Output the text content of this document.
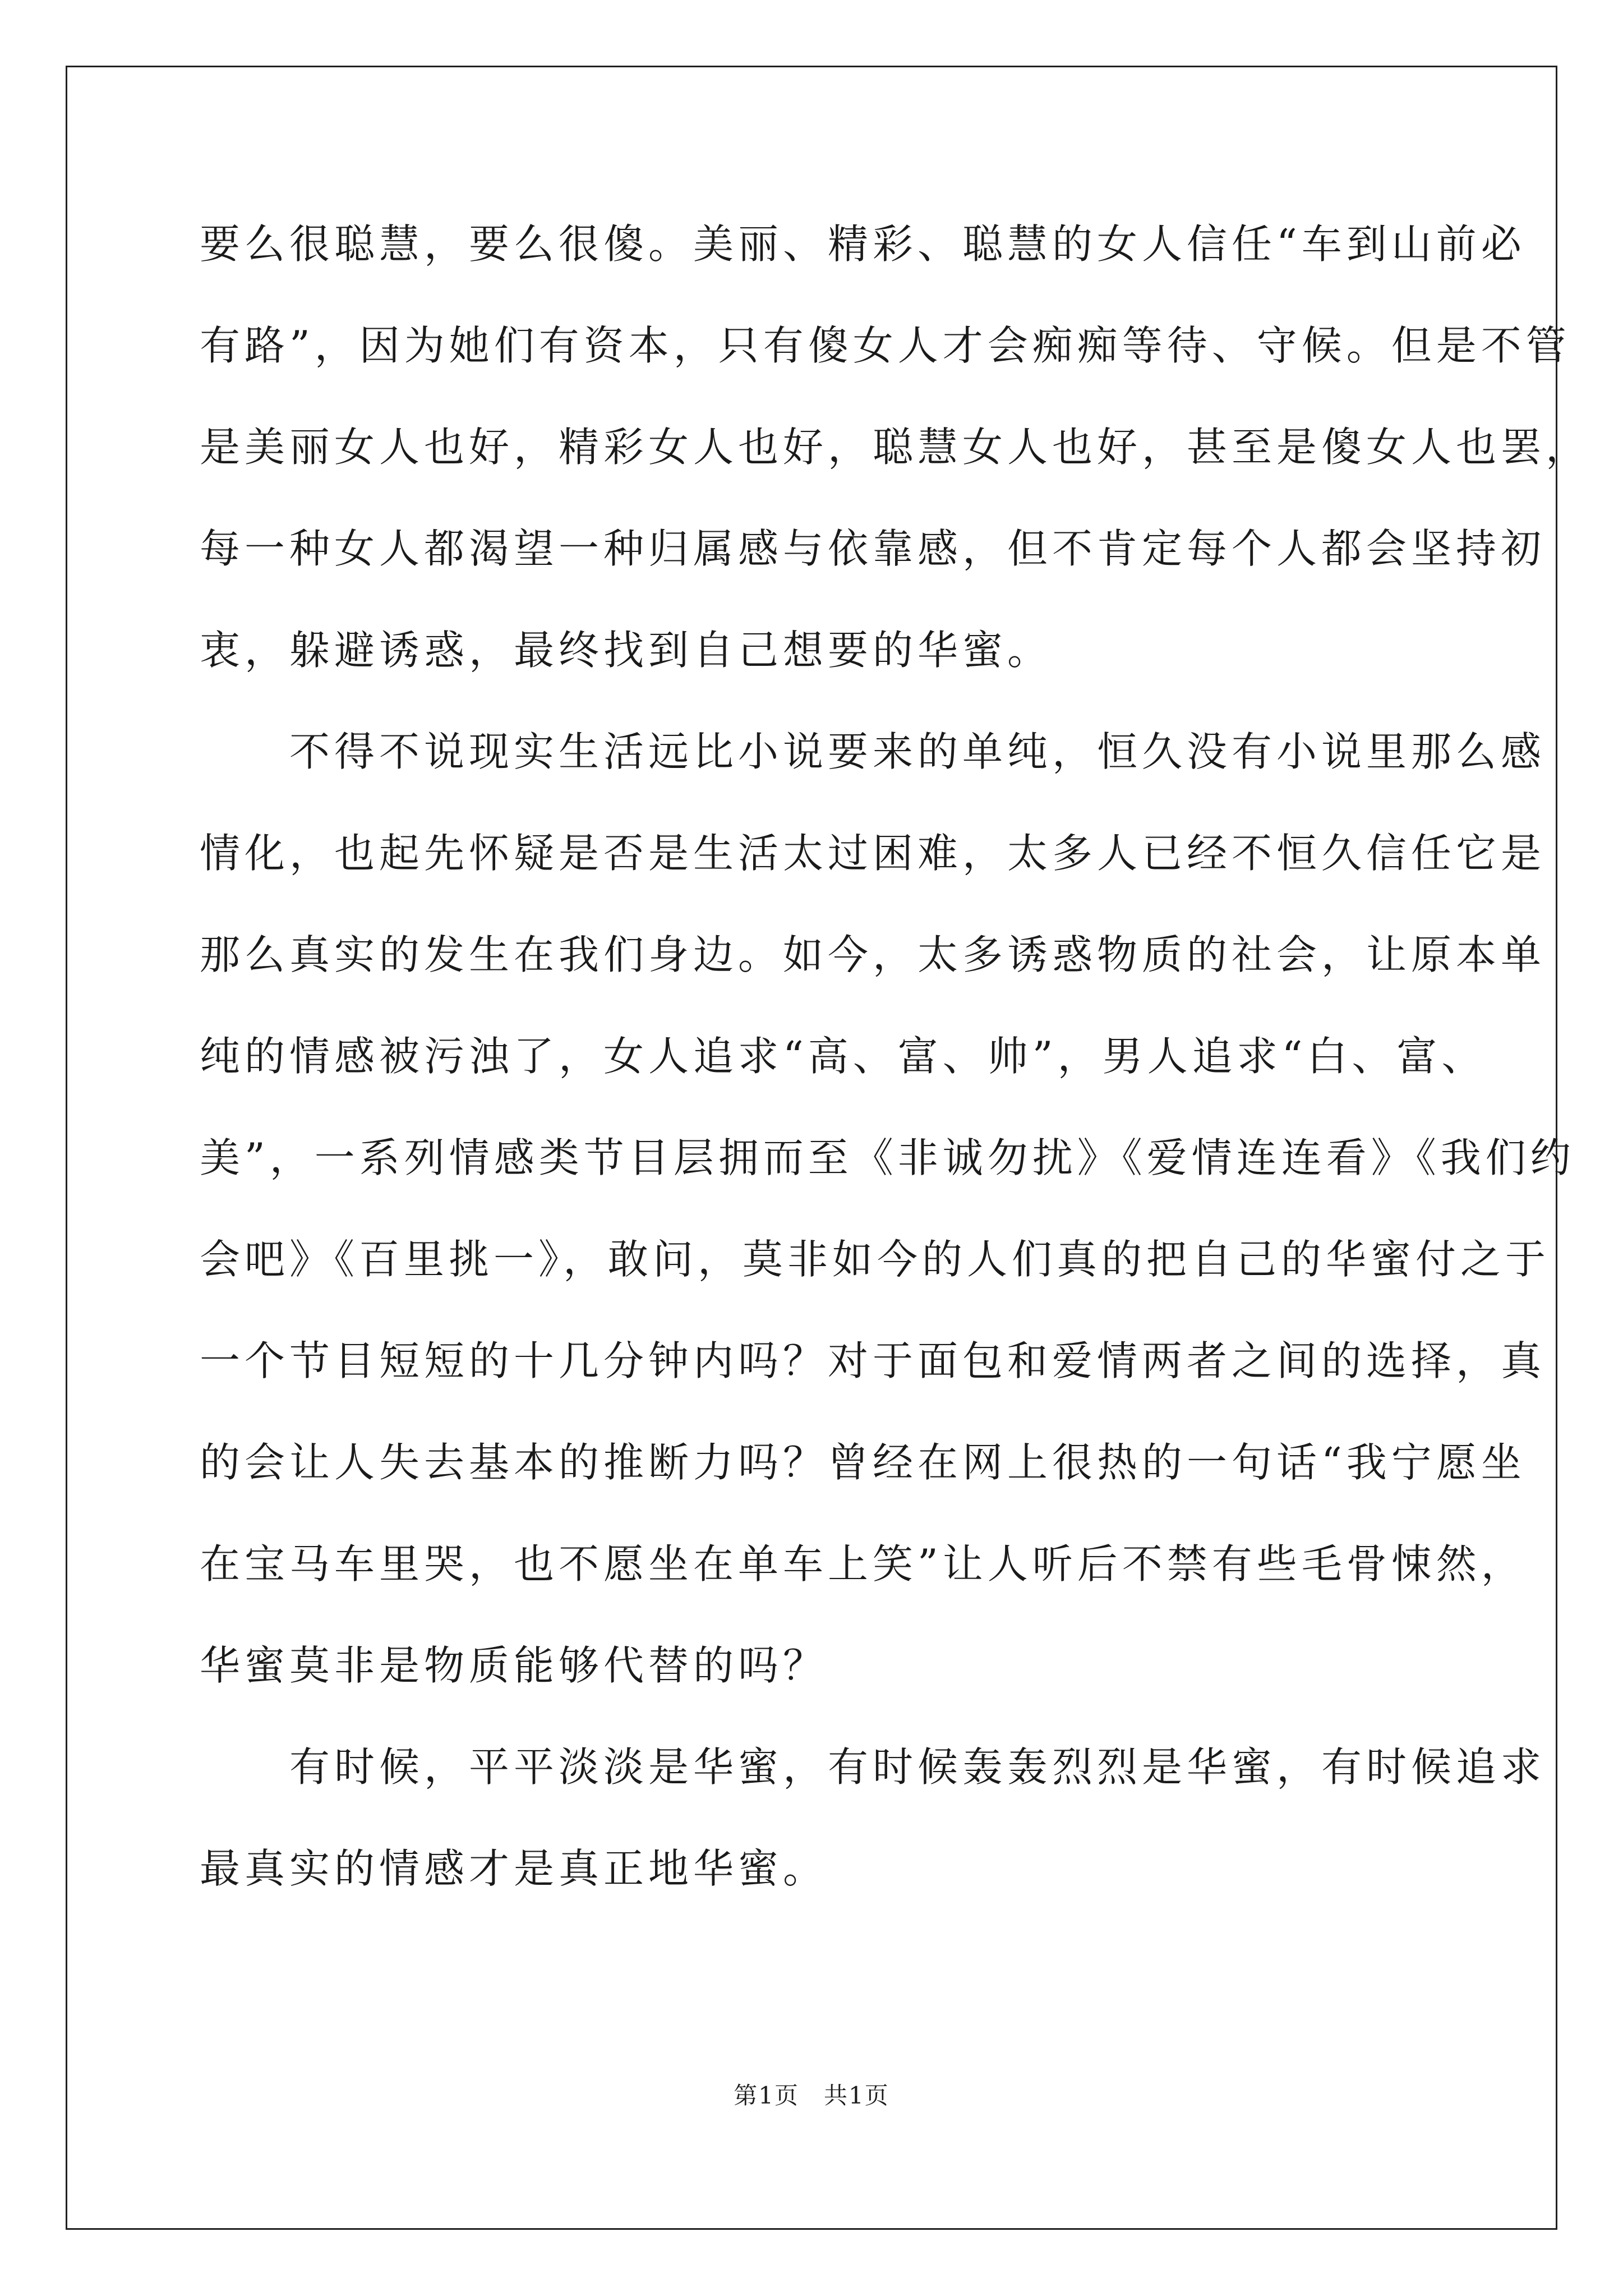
要么很聪慧，要么很傻。美丽、精彩、聪慧的女人信任“车到山前必
有路”，因为她们有资本，只有傻女人才会痴痴等待、守候。但是不管
是美丽女人也好，精彩女人也好，聪慧女人也好，甚至是傻女人也罢，
每一种女人都渴望一种归属感与依靠感，但不肯定每个人都会坚持初
衷，躲避诱惑，最终找到自己想要的华蜜。
　　不得不说现实生活远比小说要来的单纯，恒久没有小说里那么感
情化，也起先怀疑是否是生活太过困难，太多人已经不恒久信任它是
那么真实的发生在我们身边。如今，太多诱惑物质的社会，让原本单
纯的情感被污浊了，女人追求“高、富、帅”，男人追求“白、富、
美”，一系列情感类节目层拥而至《非诚勿扰》《爱情连连看》《我们约
会吧》《百里挑一》，敢问，莫非如今的人们真的把自己的华蜜付之于
一个节目短短的十几分钟内吗？对于面包和爱情两者之间的选择，真
的会让人失去基本的推断力吗？曾经在网上很热的一句话“我宁愿坐
在宝马车里哭，也不愿坐在单车上笑”让人听后不禁有些毛骨悚然，
华蜜莫非是物质能够代替的吗？
　　有时候，平平淡淡是华蜜，有时候轰轰烈烈是华蜜，有时候追求
最真实的情感才是真正地华蜜。
第1页　共1页
